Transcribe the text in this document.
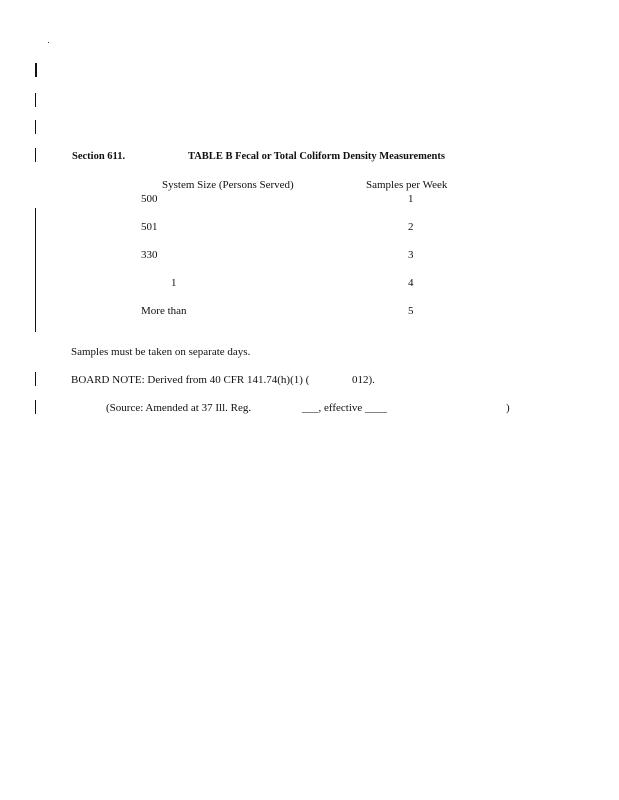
Section 611.	TABLE B Fecal or Total Coliform Density Measurements
System Size (Persons Served)	Samples per Week
500	1
501	2
330	3
1	4
More than	5
Samples must be taken on separate days.
BOARD NOTE: Derived from 40 CFR 141.74(h)(1) (	012).
(Source: Amended at 37 Ill. Reg.	___, effective ____	)
